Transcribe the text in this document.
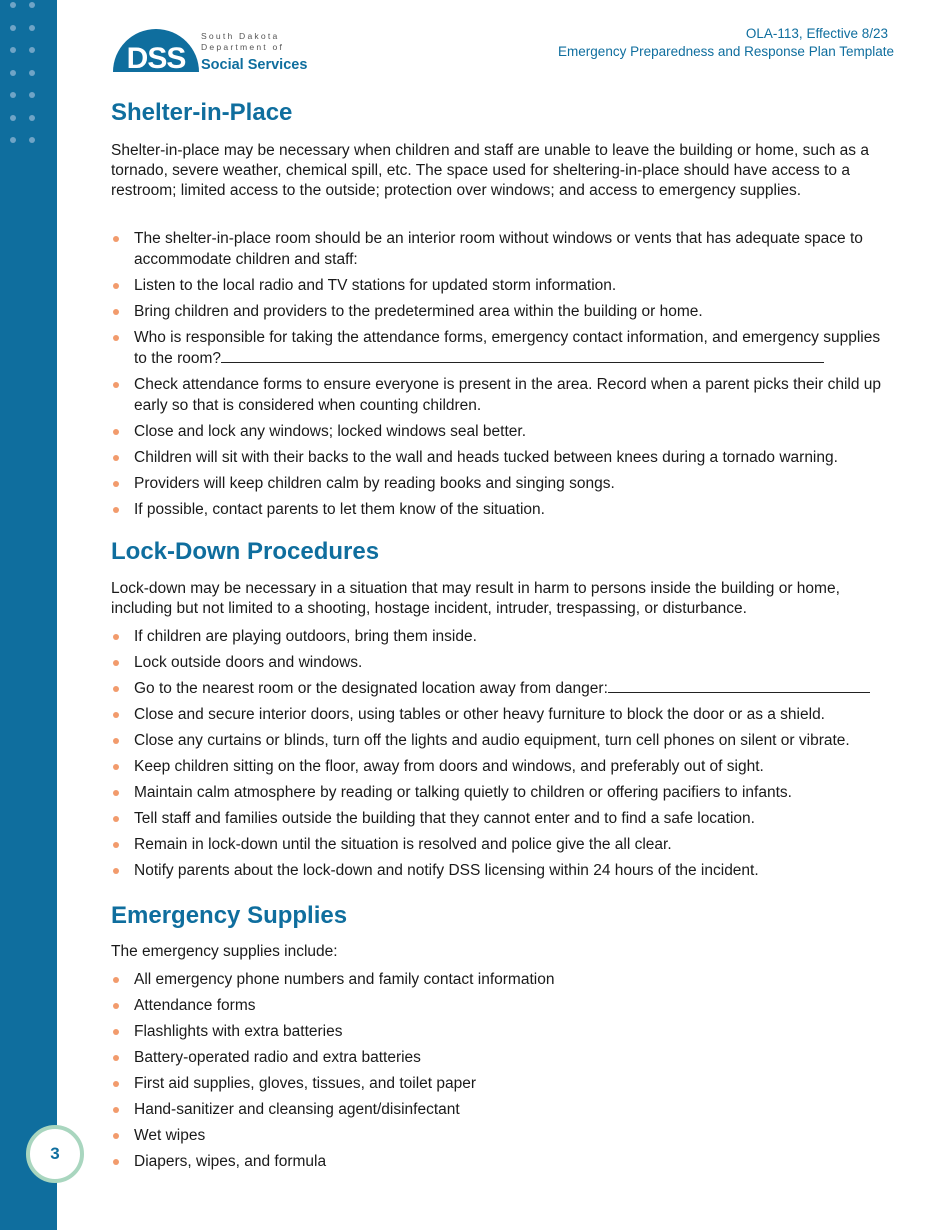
3
DSS
South Dakota
Department of
Social Services
OLA-113, Effective 8/23
Emergency Preparedness and Response Plan Template
Shelter-in-Place

Shelter-in-place may be necessary when children and staff are unable to leave the building or home, such as a tornado, severe weather, chemical spill, etc. The space used for sheltering-in-place should have access to a restroom; limited access to the outside; protection over windows; and access to emergency supplies.

The shelter-in-place room should be an interior room without windows or vents that has adequate space to accommodate children and staff:
Listen to the local radio and TV stations for updated storm information.
Bring children and providers to the predetermined area within the building or home.
Who is responsible for taking the attendance forms, emergency contact information, and emergency supplies to the room?
Check attendance forms to ensure everyone is present in the area. Record when a parent picks their child up early so that is considered when counting children.
Close and lock any windows; locked windows seal better.
Children will sit with their backs to the wall and heads tucked between knees during a tornado warning.
Providers will keep children calm by reading books and singing songs.
If possible, contact parents to let them know of the situation.
Lock-Down Procedures

Lock-down may be necessary in a situation that may result in harm to persons inside the building or home, including but not limited to a shooting, hostage incident, intruder, trespassing, or disturbance.

If children are playing outdoors, bring them inside.
Lock outside doors and windows.
Go to the nearest room or the designated location away from danger:
Close and secure interior doors, using tables or other heavy furniture to block the door or as a shield.
Close any curtains or blinds, turn off the lights and audio equipment, turn cell phones on silent or vibrate.
Keep children sitting on the floor, away from doors and windows, and preferably out of sight.
Maintain calm atmosphere by reading or talking quietly to children or offering pacifiers to infants.
Tell staff and families outside the building that they cannot enter and to find a safe location.
Remain in lock-down until the situation is resolved and police give the all clear.
Notify parents about the lock-down and notify DSS licensing within 24 hours of the incident.
Emergency Supplies

The emergency supplies include:

All emergency phone numbers and family contact information
Attendance forms
Flashlights with extra batteries
Battery-operated radio and extra batteries
First aid supplies, gloves, tissues, and toilet paper
Hand-sanitizer and cleansing agent/disinfectant
Wet wipes
Diapers, wipes, and formula
